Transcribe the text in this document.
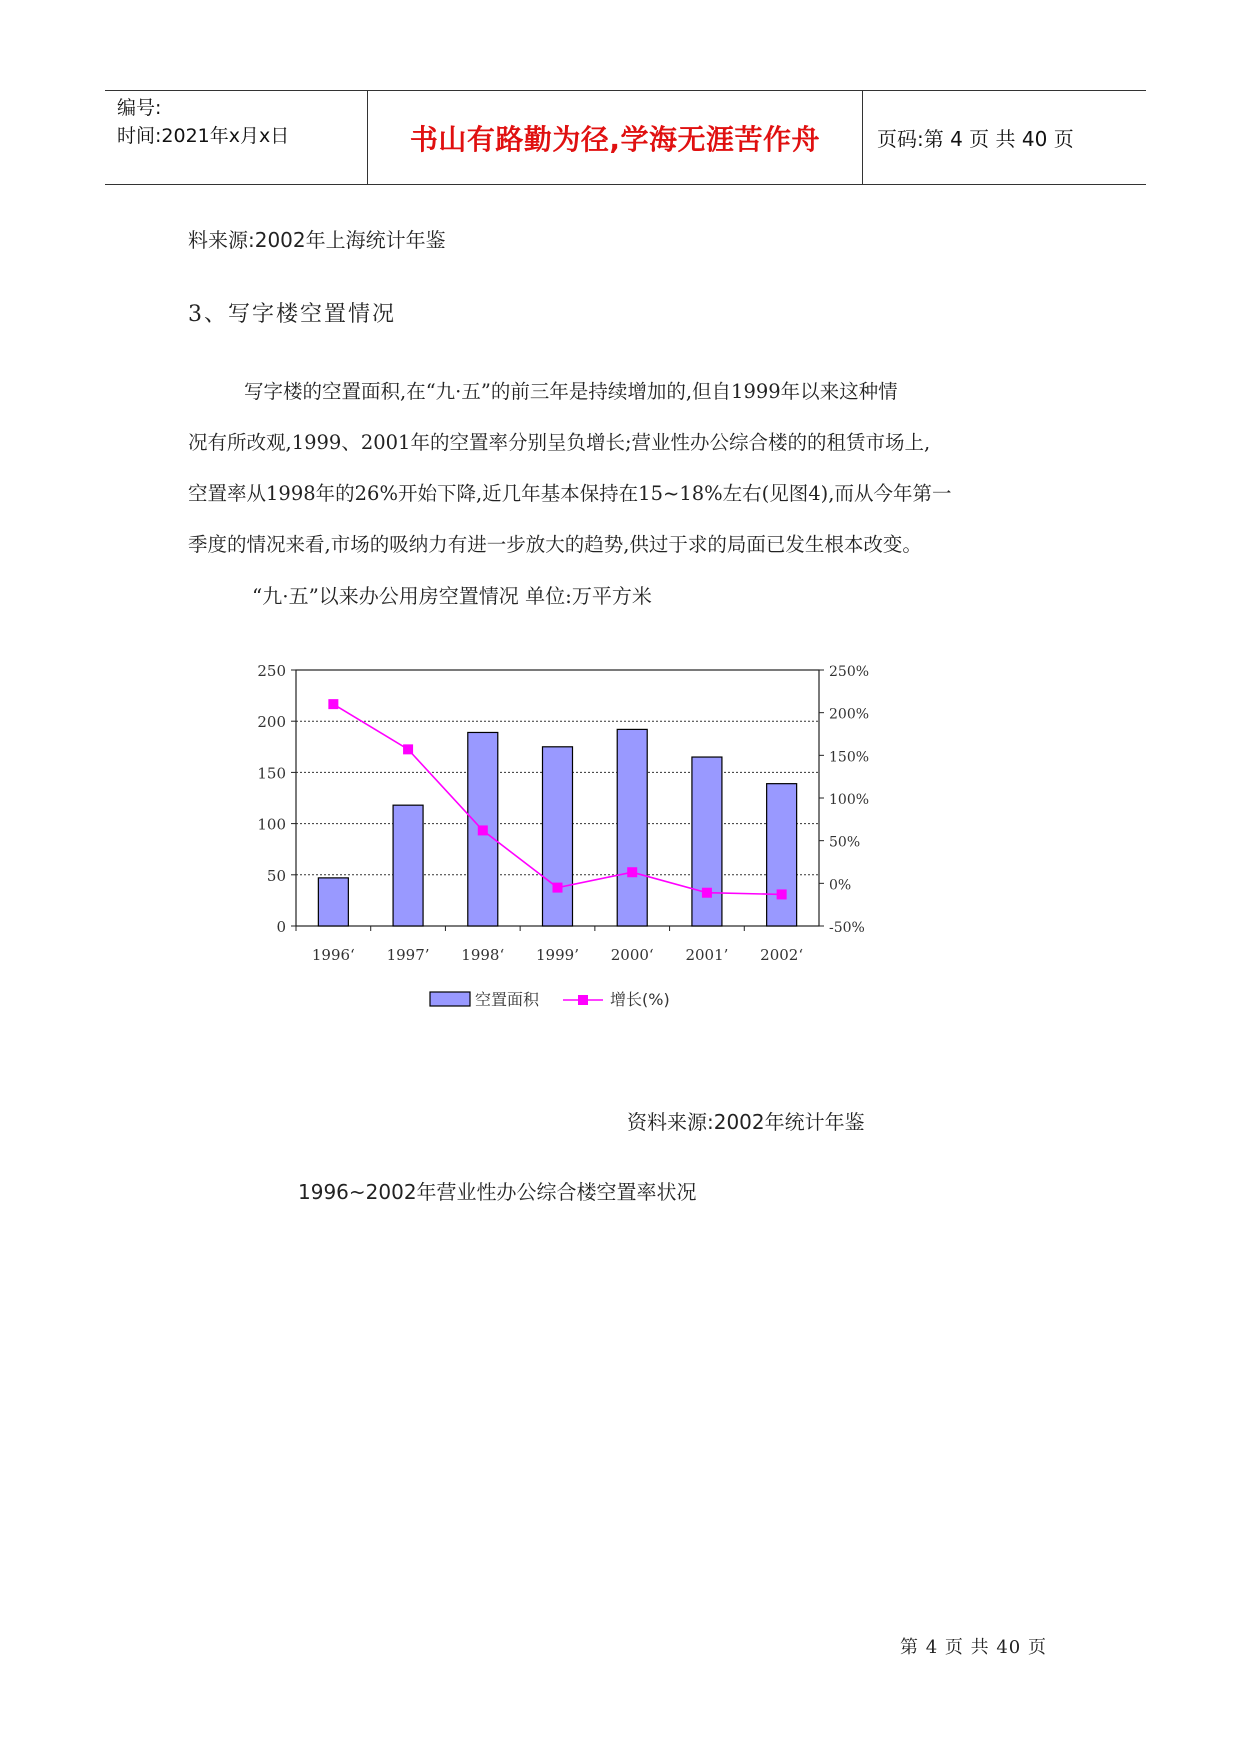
编号:
时间:2021年x月x日	书山有路勤为径,学海无涯苦作舟	页码:第 4 页 共 40 页
料来源:2002年上海统计年鉴
3、写字楼空置情况

写字楼的空置面积,在“九·五”的前三年是持续增加的,但自1999年以来这种情

况有所改观,1999、2001年的空置率分别呈负增长;营业性办公综合楼的的租赁市场上,

空置率从1998年的26%开始下降,近几年基本保持在15~18%左右(见图4),而从今年第一

季度的情况来看,市场的吸纳力有进一步放大的趋势,供过于求的局面已发生根本改变。

“九·五”以来办公用房空置情况 单位:万平方米
250
200
150
100
50
0
250%
200%
150%
100%
50%
0%
-50%
1996‘ 1997’ 1998‘ 1999’ 2000‘ 2001’ 2002‘
空置面积	增长(%)
资料来源:2002年统计年鉴
1996~2002年营业性办公综合楼空置率状况
第 4 页 共 40 页
